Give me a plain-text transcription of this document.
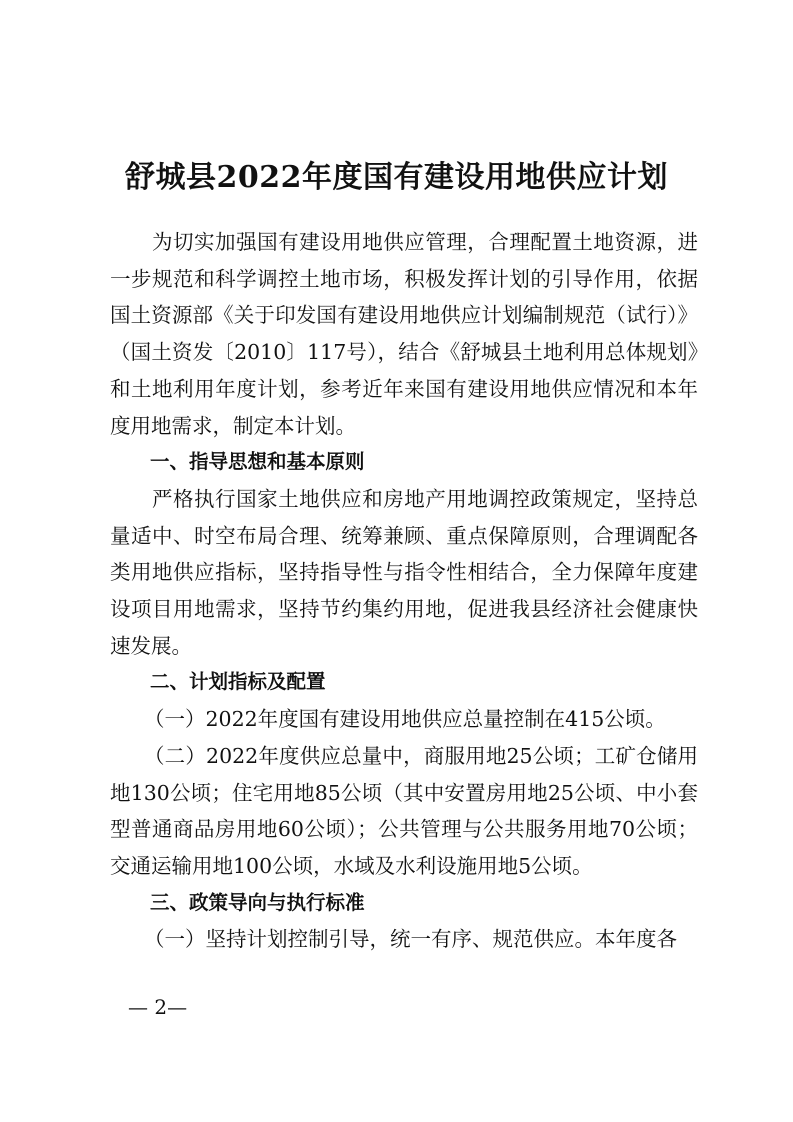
舒城县2022年度国有建设用地供应计划

为切实加强国有建设用地供应管理，合理配置土地资源，进一步规范和科学调控土地市场，积极发挥计划的引导作用，依据国土资源部《关于印发国有建设用地供应计划编制规范（试行）》（国土资发〔2010〕117号），结合《舒城县土地利用总体规划》和土地利用年度计划，参考近年来国有建设用地供应情况和本年度用地需求，制定本计划。

一、指导思想和基本原则

严格执行国家土地供应和房地产用地调控政策规定，坚持总量适中、时空布局合理、统筹兼顾、重点保障原则，合理调配各类用地供应指标，坚持指导性与指令性相结合，全力保障年度建设项目用地需求，坚持节约集约用地，促进我县经济社会健康快速发展。

二、计划指标及配置

（一）2022年度国有建设用地供应总量控制在415公顷。

（二）2022年度供应总量中，商服用地25公顷；工矿仓储用地130公顷；住宅用地85公顷（其中安置房用地25公顷、中小套型普通商品房用地60公顷）；公共管理与公共服务用地70公顷；交通运输用地100公顷，水域及水利设施用地5公顷。

三、政策导向与执行标准

（一）坚持计划控制引导，统一有序、规范供应。本年度各

— 2—
